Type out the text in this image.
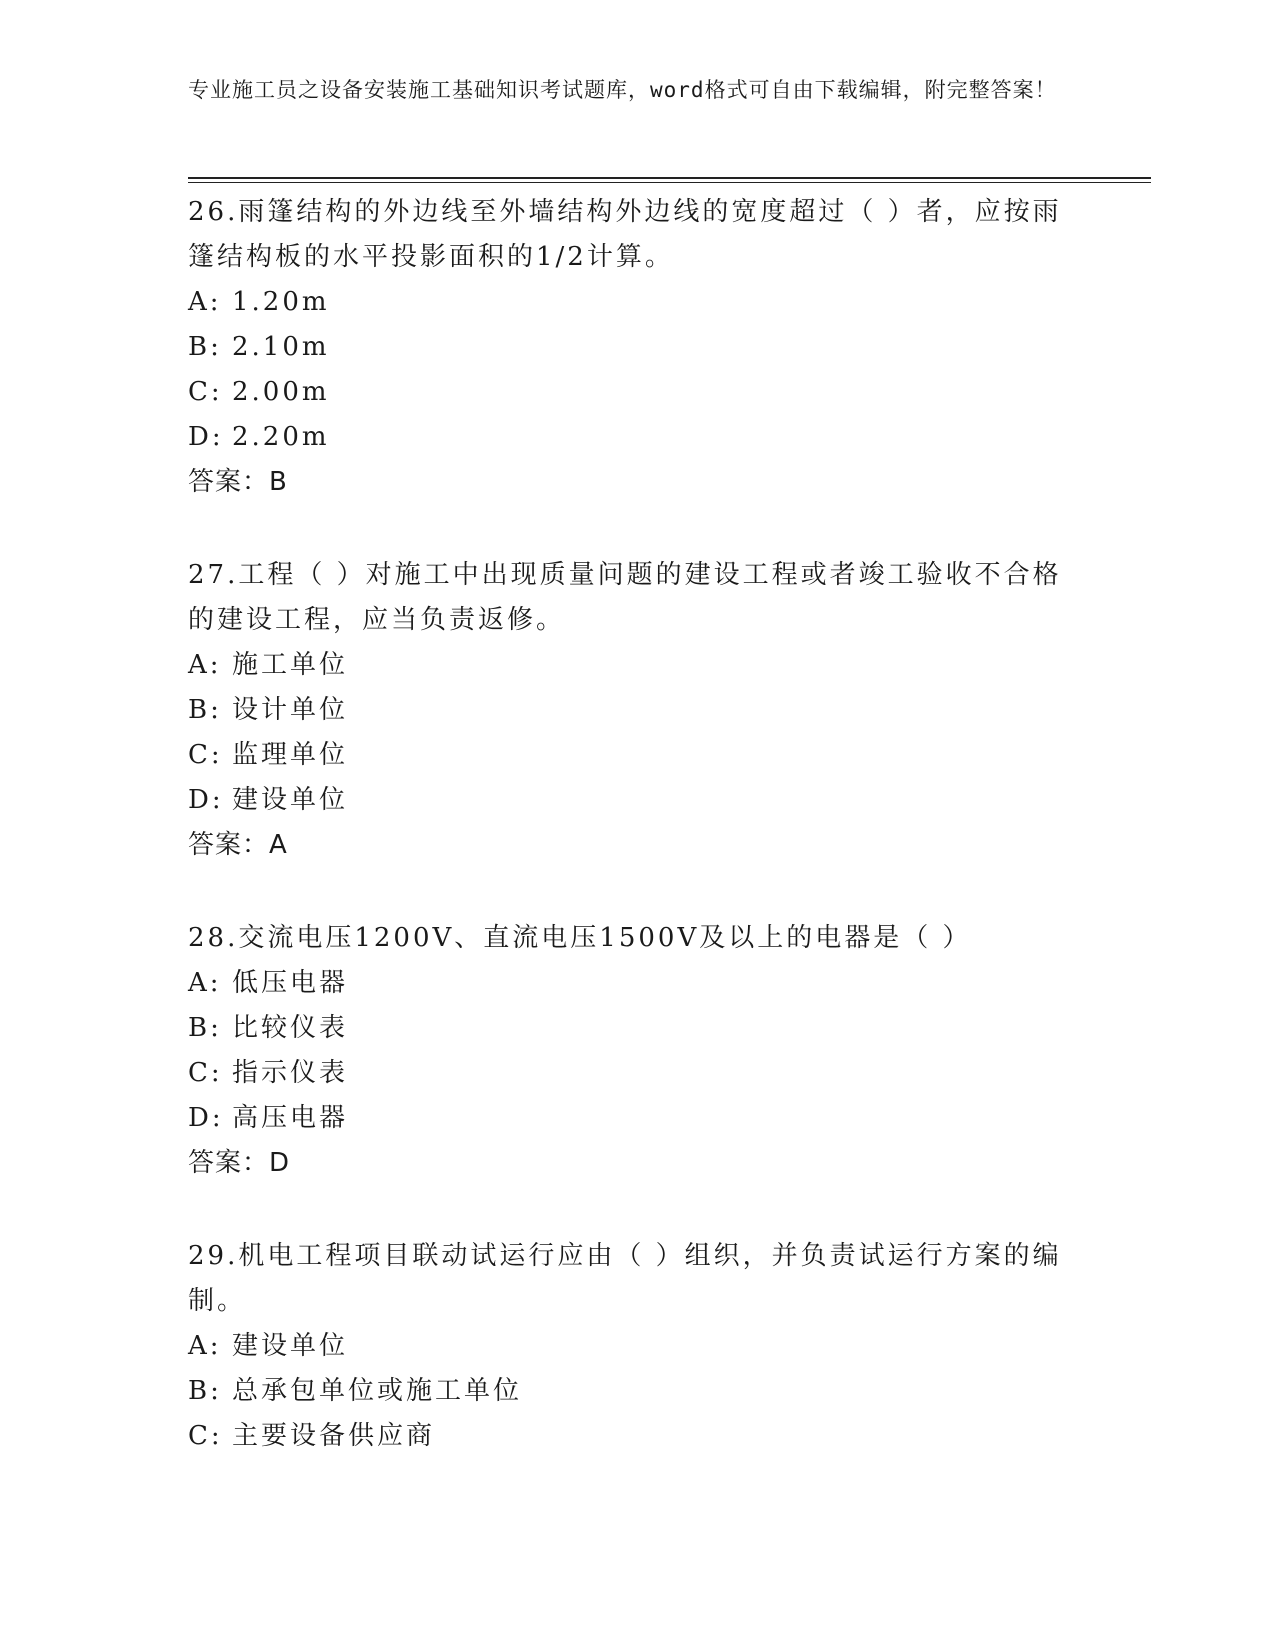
专业施工员之设备安装施工基础知识考试题库，word格式可自由下载编辑，附完整答案！

26.雨篷结构的外边线至外墙结构外边线的宽度超过（ ）者，应按雨篷结构板的水平投影面积的1/2计算。

A: 1.20m
B: 2.10m
C: 2.00m
D: 2.20m
答案：B

27.工程（ ）对施工中出现质量问题的建设工程或者竣工验收不合格的建设工程，应当负责返修。

A: 施工单位
B: 设计单位
C: 监理单位
D: 建设单位
答案：A

28.交流电压1200V、直流电压1500V及以上的电器是（ ）

A: 低压电器
B: 比较仪表
C: 指示仪表
D: 高压电器
答案：D

29.机电工程项目联动试运行应由（ ）组织，并负责试运行方案的编制。

A: 建设单位
B: 总承包单位或施工单位
C: 主要设备供应商
